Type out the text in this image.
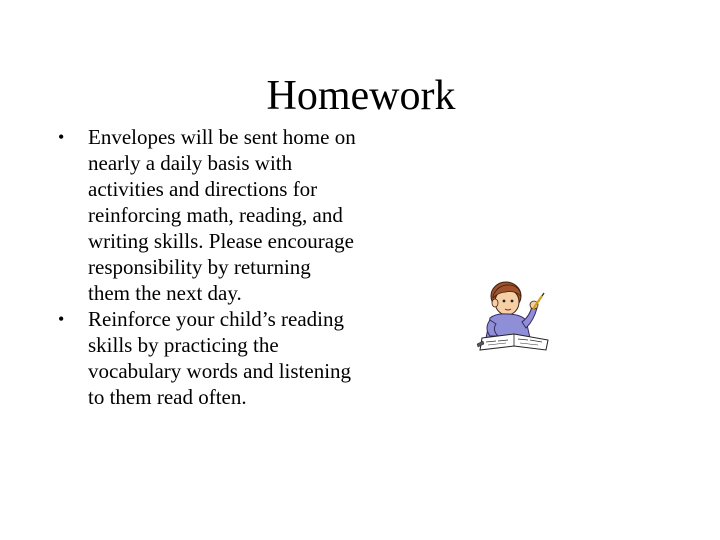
Homework
• Envelopes will be sent home on nearly a daily basis with activities and directions for reinforcing math, reading, and writing skills. Please encourage responsibility by returning them the next day.
• Reinforce your child’s reading skills by practicing the vocabulary words and listening to them read often.
